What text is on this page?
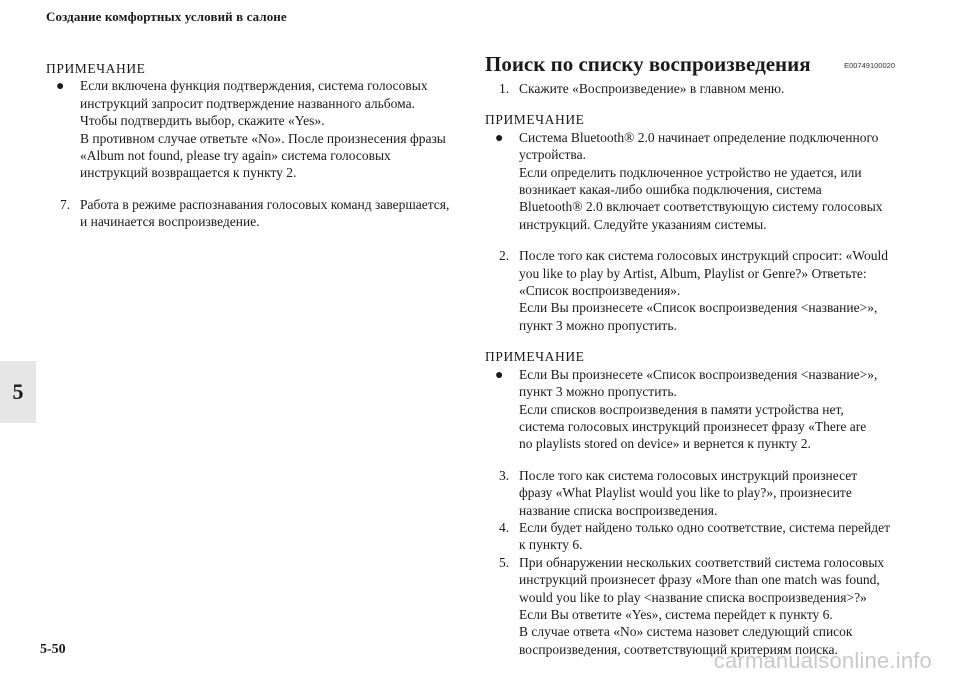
Создание комфортных условий в салоне
5

ПРИМЕЧАНИЕ

● Если включена функция подтверждения, система голосовых

инструкций запросит подтверждение названного альбома.

Чтобы подтвердить выбор, скажите «Yes».

В противном случае ответьте «No». После произнесения фразы

«Album not found, please try again» система голосовых

инструкций возвращается к пункту 2.

7. Работа в режиме распознавания голосовых команд завершается,

и начинается воспроизведение.

Поиск по списку воспроизведения	E00749100020
1. Скажите «Воспроизведение» в главном меню.

ПРИМЕЧАНИЕ

● Система Bluetooth® 2.0 начинает определение подключенного

устройства.

Если определить подключенное устройство не удается, или

возникает какая-либо ошибка подключения, система

Bluetooth® 2.0 включает соответствующую систему голосовых

инструкций. Следуйте указаниям системы.

2. После того как система голосовых инструкций спросит: «Would

you like to play by Artist, Album, Playlist or Genre?» Ответьте:

«Список воспроизведения».

Если Вы произнесете «Список воспроизведения <название>»,

пункт 3 можно пропустить.

ПРИМЕЧАНИЕ

● Если Вы произнесете «Список воспроизведения <название>»,

пункт 3 можно пропустить.

Если списков воспроизведения в памяти устройства нет,

система голосовых инструкций произнесет фразу «There are

no playlists stored on device» и вернется к пункту 2.

3. После того как система голосовых инструкций произнесет

фразу «What Playlist would you like to play?», произнесите

название списка воспроизведения.

4. Если будет найдено только одно соответствие, система перейдет

к пункту 6.

5. При обнаружении нескольких соответствий система голосовых

инструкций произнесет фразу «More than one match was found,

would you like to play <название списка воспроизведения>?»

Если Вы ответите «Yes», система перейдет к пункту 6.

В случае ответа «No» система назовет следующий список

воспроизведения, соответствующий критериям поиска.

5-50	carmanualsonline.info
